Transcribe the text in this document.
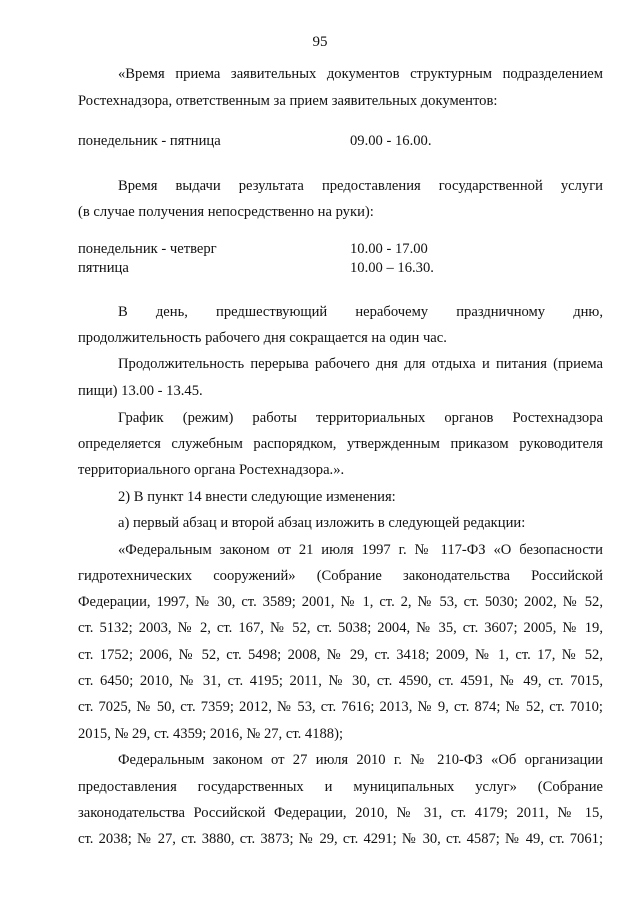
95
«Время приема заявительных документов структурным подразделением
Ростехнадзора, ответственным за прием заявительных документов:
понедельник - пятница	09.00 - 16.00.
Время выдачи результата предоставления государственной услуги
(в случае получения непосредственно на руки):
понедельник - четверг	10.00 - 17.00
пятница	10.00 – 16.30.
В день, предшествующий нерабочему праздничному дню,
продолжительность рабочего дня сокращается на один час.
Продолжительность перерыва рабочего дня для отдыха и питания (приема
пищи) 13.00 - 13.45.
График (режим) работы территориальных органов Ростехнадзора
определяется служебным распорядком, утвержденным приказом руководителя
территориального органа Ростехнадзора.».
2) В пункт 14 внести следующие изменения:
а) первый абзац и второй абзац изложить в следующей редакции:
«Федеральным законом от 21 июля 1997 г. № 117-ФЗ «О безопасности
гидротехнических сооружений» (Собрание законодательства Российской
Федерации, 1997, № 30, ст. 3589; 2001, № 1, ст. 2, № 53, ст. 5030; 2002, № 52,
ст. 5132; 2003, № 2, ст. 167, № 52, ст. 5038; 2004, № 35, ст. 3607; 2005, № 19,
ст. 1752; 2006, № 52, ст. 5498; 2008, № 29, ст. 3418; 2009, № 1, ст. 17, № 52,
ст. 6450; 2010, № 31, ст. 4195; 2011, № 30, ст. 4590, ст. 4591, № 49, ст. 7015,
ст. 7025, № 50, ст. 7359; 2012, № 53, ст. 7616; 2013, № 9, ст. 874; № 52, ст. 7010;
2015, № 29, ст. 4359; 2016, № 27, ст. 4188);
Федеральным законом от 27 июля 2010 г. № 210-ФЗ «Об организации
предоставления государственных и муниципальных услуг» (Собрание
законодательства Российской Федерации, 2010, № 31, ст. 4179; 2011, № 15,
ст. 2038; № 27, ст. 3880, ст. 3873; № 29, ст. 4291; № 30, ст. 4587; № 49, ст. 7061;
